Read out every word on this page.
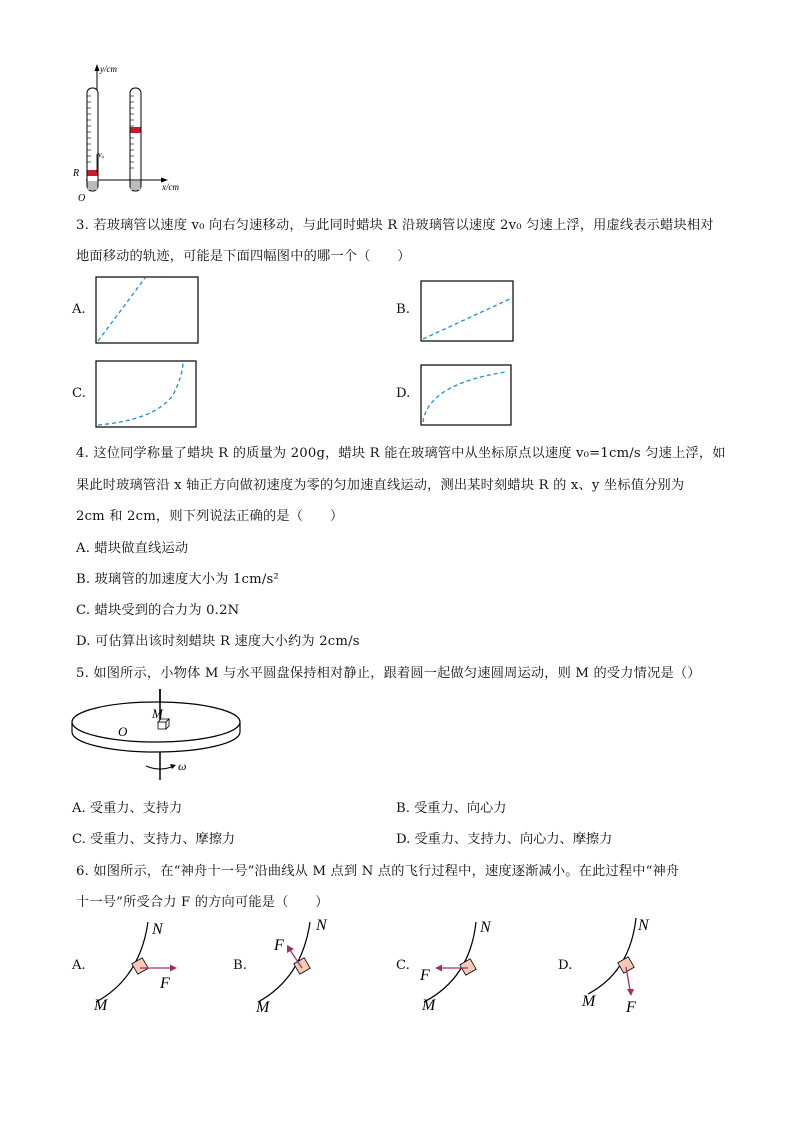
y/cm
x/cm
v₀
R
O
3. 若玻璃管以速度 v₀ 向右匀速移动，与此同时蜡块 R 沿玻璃管以速度 2v₀ 匀速上浮，用虚线表示蜡块相对
地面移动的轨迹，可能是下面四幅图中的哪一个（　　）
A.	B.
C.	D.
4. 这位同学称量了蜡块 R 的质量为 200g，蜡块 R 能在玻璃管中从坐标原点以速度 v₀=1cm/s 匀速上浮，如
果此时玻璃管沿 x 轴正方向做初速度为零的匀加速直线运动，测出某时刻蜡块 R 的 x、y 坐标值分别为
2cm 和 2cm，则下列说法正确的是（　　）
A. 蜡块做直线运动
B. 玻璃管的加速度大小为 1cm/s²
C. 蜡块受到的合力为 0.2N
D. 可估算出该时刻蜡块 R 速度大小约为 2cm/s
5. 如图所示，小物体 M 与水平圆盘保持相对静止，跟着圆一起做匀速圆周运动，则 M 的受力情况是（）
O
M
ω
A. 受重力、支持力	B. 受重力、向心力
C. 受重力、支持力、摩擦力	D. 受重力、支持力、向心力、摩擦力
6. 如图所示，在“神舟十一号”沿曲线从 M 点到 N 点的飞行过程中，速度逐渐减小。在此过程中“神舟
十一号”所受合力 F 的方向可能是（　　）
A.
N
F
M
B.
N
F
M
C.
N
F
M
D.
N
F
M
